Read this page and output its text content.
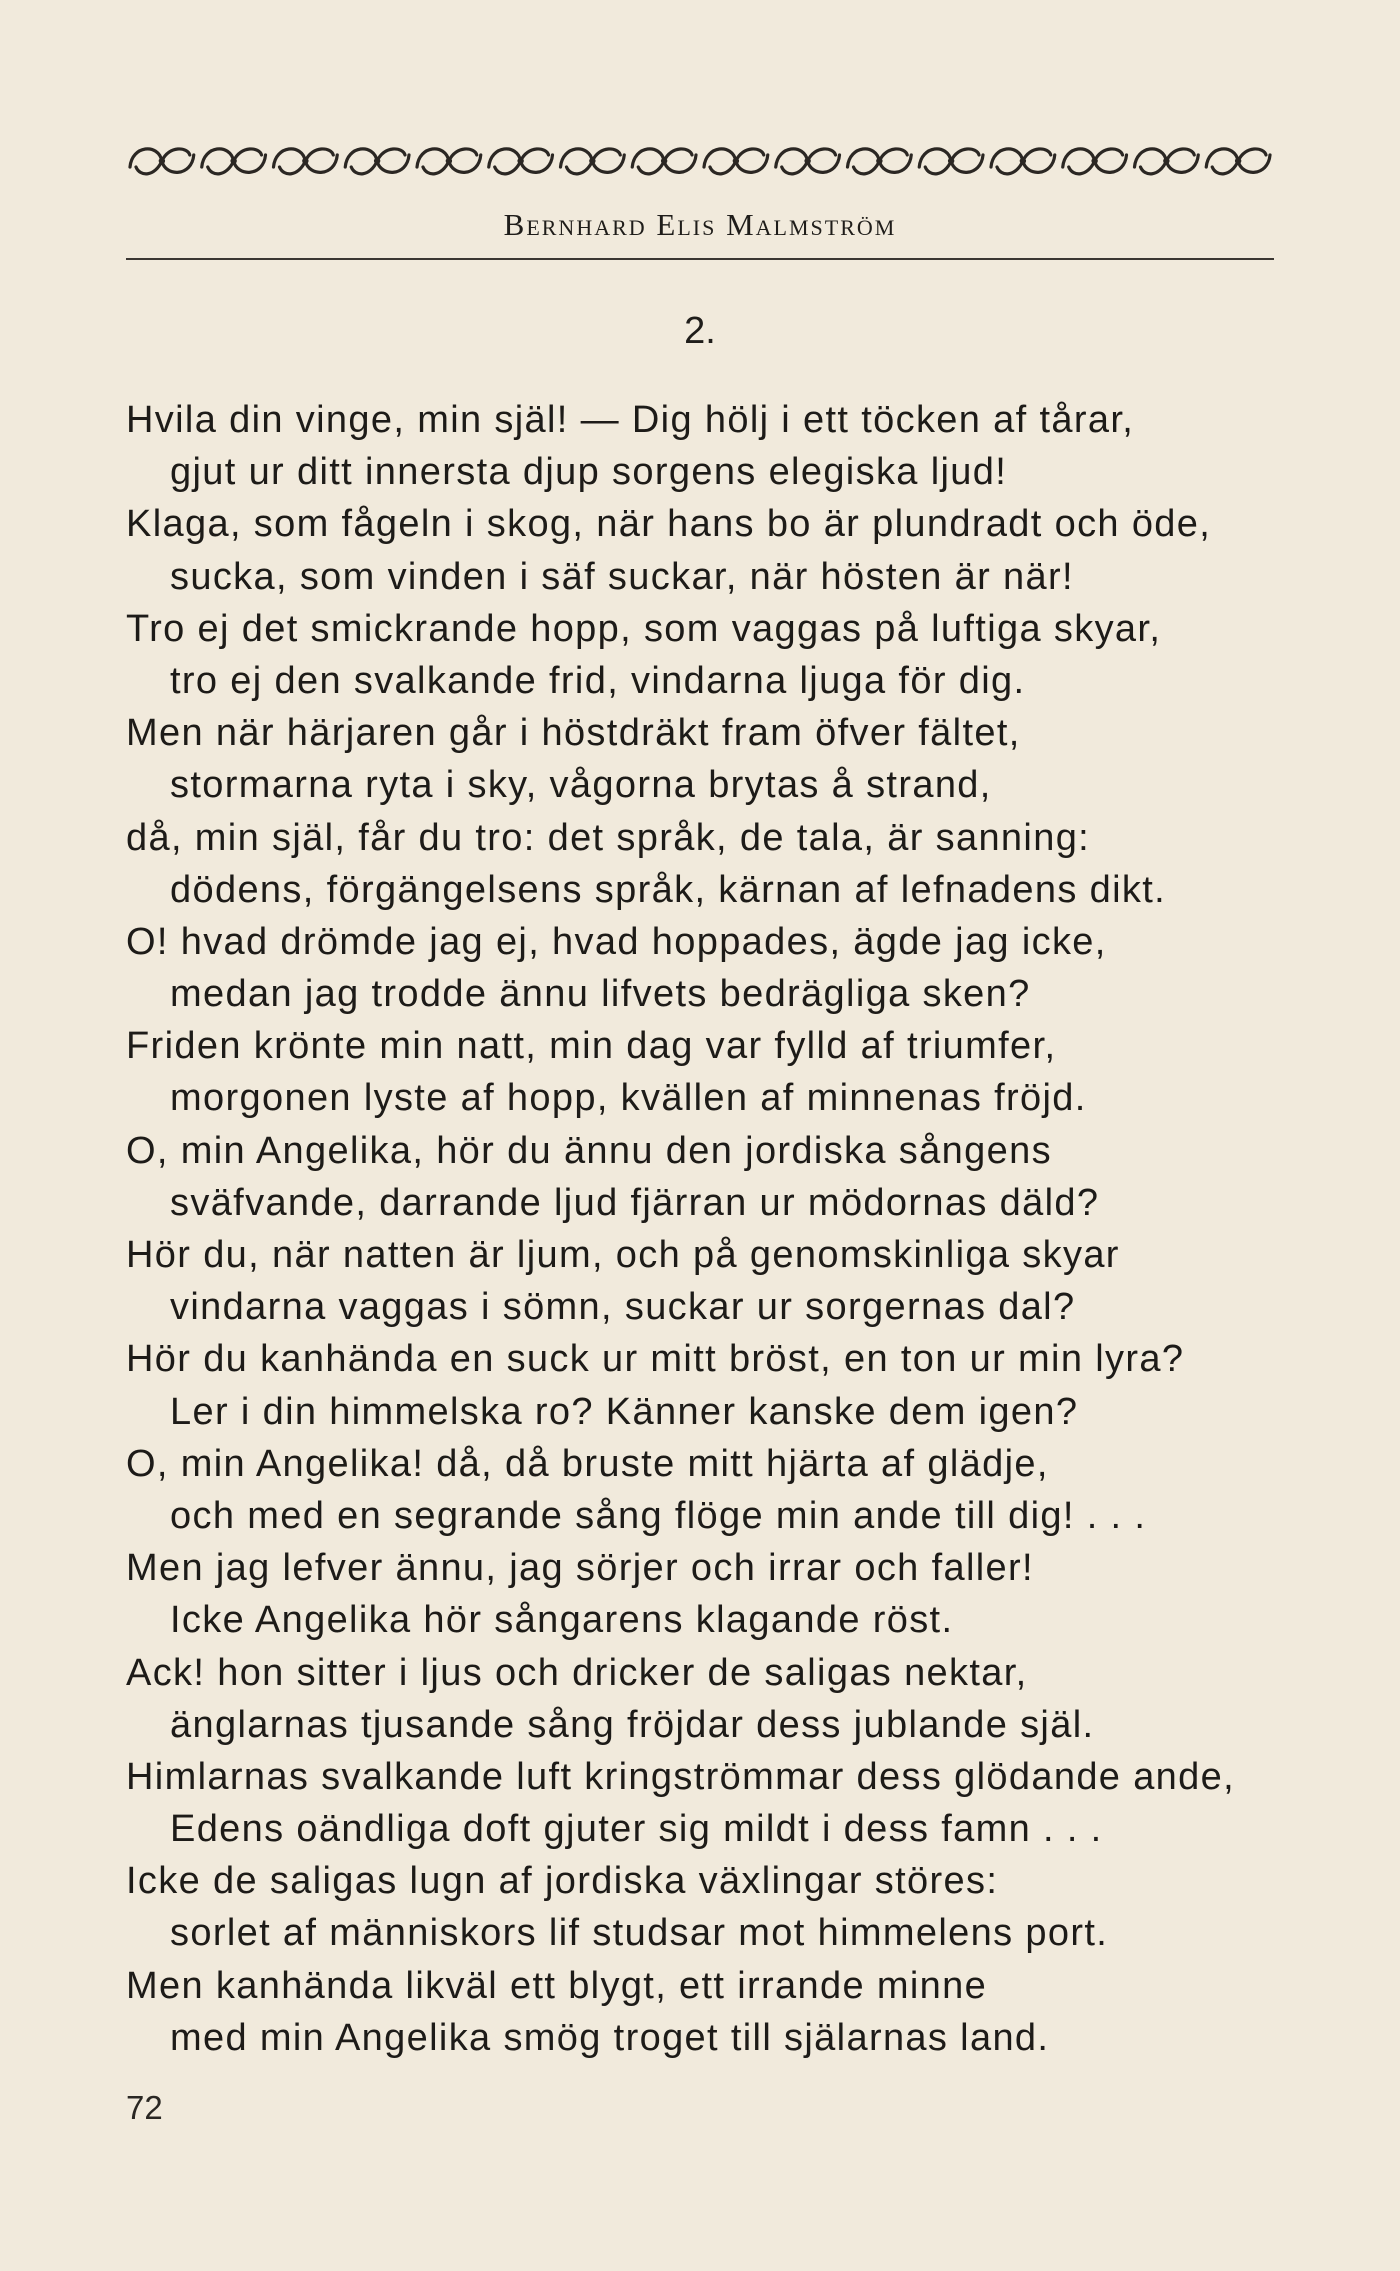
Bernhard Elis Malmström
2.
Hvila din vinge, min själ! — Dig hölj i ett töcken af tårar,
gjut ur ditt innersta djup sorgens elegiska ljud!
Klaga, som fågeln i skog, när hans bo är plundradt och öde,
sucka, som vinden i säf suckar, när hösten är när!
Tro ej det smickrande hopp, som vaggas på luftiga skyar,
tro ej den svalkande frid, vindarna ljuga för dig.
Men när härjaren går i höstdräkt fram öfver fältet,
stormarna ryta i sky, vågorna brytas å strand,
då, min själ, får du tro: det språk, de tala, är sanning:
dödens, förgängelsens språk, kärnan af lefnadens dikt.
O! hvad drömde jag ej, hvad hoppades, ägde jag icke,
medan jag trodde ännu lifvets bedrägliga sken?
Friden krönte min natt, min dag var fylld af triumfer,
morgonen lyste af hopp, kvällen af minnenas fröjd.
O, min Angelika, hör du ännu den jordiska sångens
sväfvande, darrande ljud fjärran ur mödornas däld?
Hör du, när natten är ljum, och på genomskinliga skyar
vindarna vaggas i sömn, suckar ur sorgernas dal?
Hör du kanhända en suck ur mitt bröst, en ton ur min lyra?
Ler i din himmelska ro? Känner kanske dem igen?
O, min Angelika! då, då bruste mitt hjärta af glädje,
och med en segrande sång flöge min ande till dig! . . .
Men jag lefver ännu, jag sörjer och irrar och faller!
Icke Angelika hör sångarens klagande röst.
Ack! hon sitter i ljus och dricker de saligas nektar,
änglarnas tjusande sång fröjdar dess jublande själ.
Himlarnas svalkande luft kringströmmar dess glödande ande,
Edens oändliga doft gjuter sig mildt i dess famn . . .
Icke de saligas lugn af jordiska växlingar störes:
sorlet af människors lif studsar mot himmelens port.
Men kanhända likväl ett blygt, ett irrande minne
med min Angelika smög troget till själarnas land.
72
